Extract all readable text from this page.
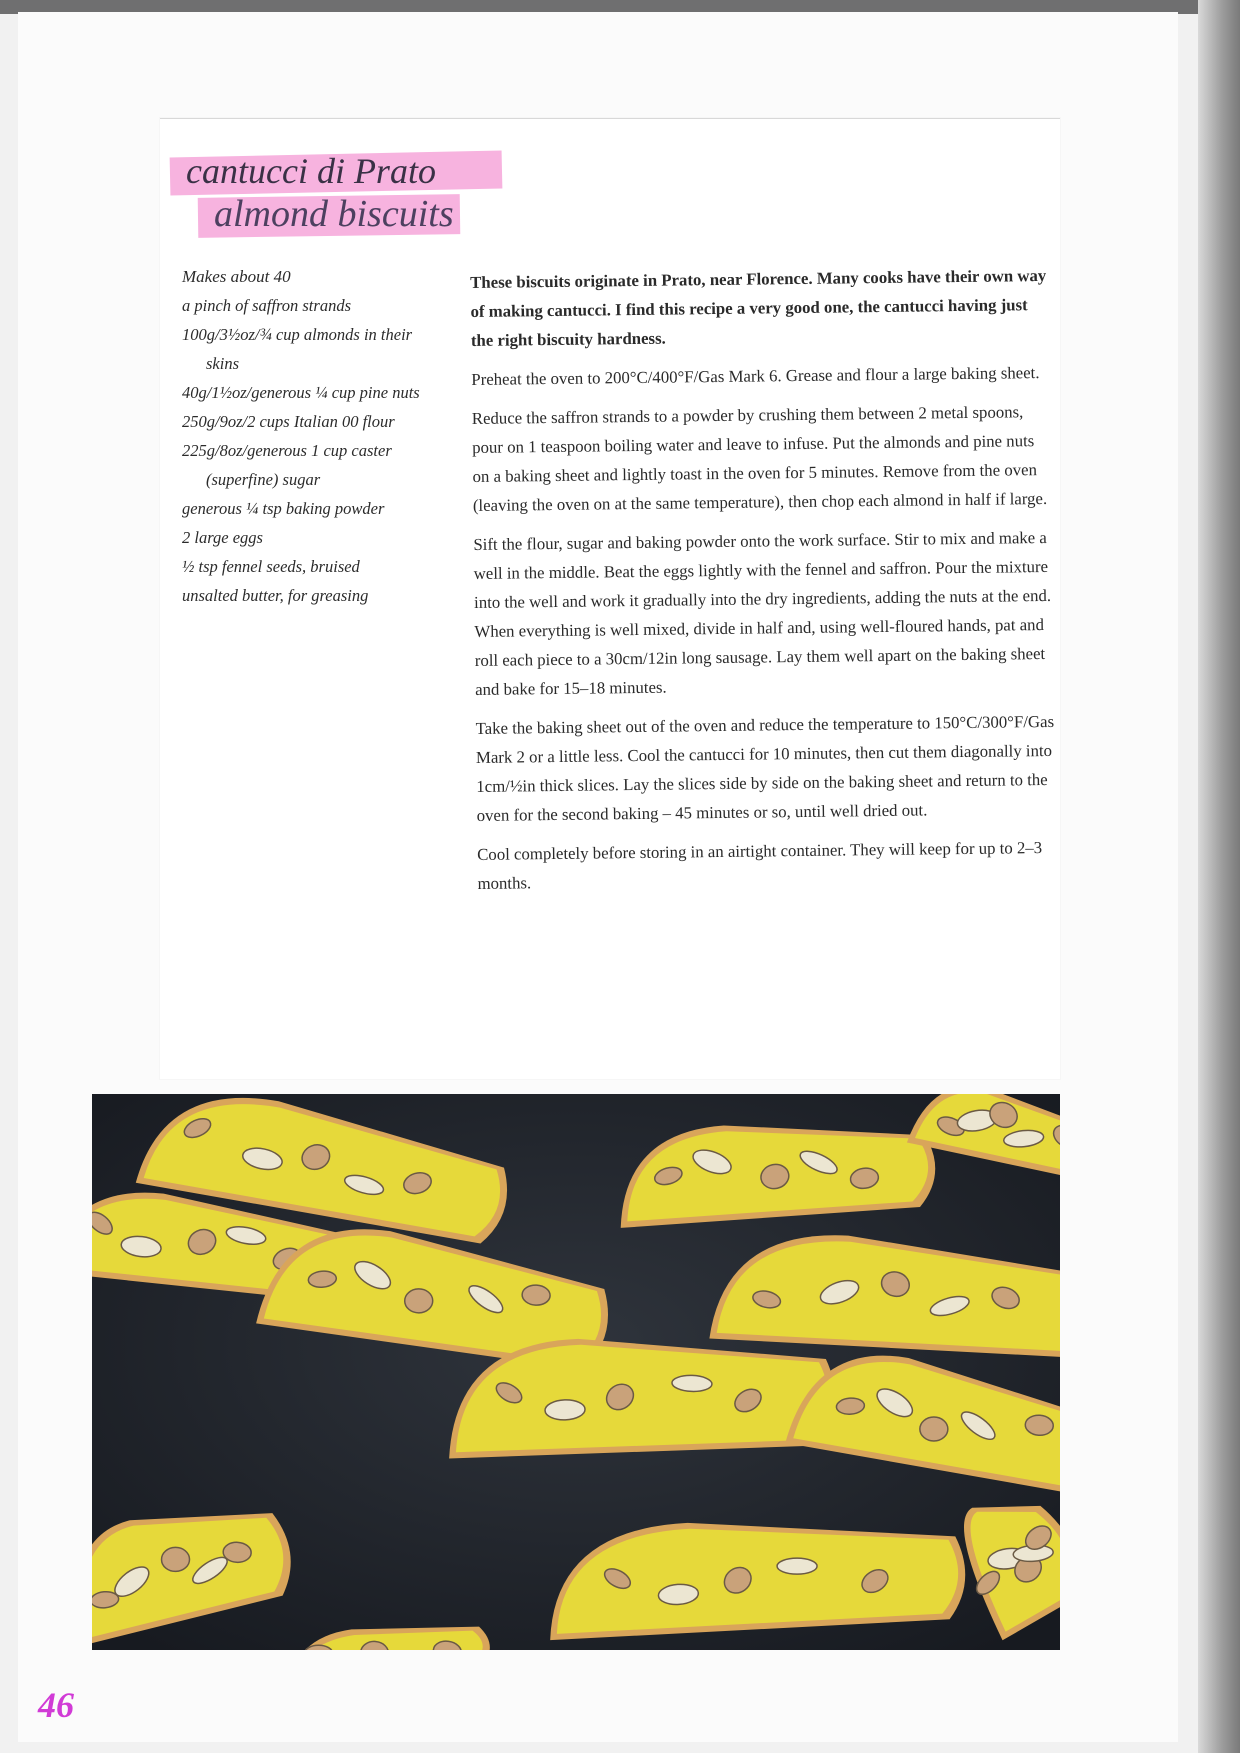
cantucci di Prato
almond biscuits
Makes about 40
a pinch of saffron strands
100g/3½oz/¾ cup almonds in their
skins
40g/1½oz/generous ¼ cup pine nuts
250g/9oz/2 cups Italian 00 flour
225g/8oz/generous 1 cup caster
(superfine) sugar
generous ¼ tsp baking powder
2 large eggs
½ tsp fennel seeds, bruised
unsalted butter, for greasing

These biscuits originate in Prato, near Florence. Many cooks have their own way of making cantucci. I find this recipe a very good one, the cantucci having just the right biscuity hardness.

Preheat the oven to 200°C/400°F/Gas Mark 6. Grease and flour a large baking sheet.

Reduce the saffron strands to a powder by crushing them between 2 metal spoons, pour on 1 teaspoon boiling water and leave to infuse. Put the almonds and pine nuts on a baking sheet and lightly toast in the oven for 5 minutes. Remove from the oven (leaving the oven on at the same temperature), then chop each almond in half if large.

Sift the flour, sugar and baking powder onto the work surface. Stir to mix and make a well in the middle. Beat the eggs lightly with the fennel and saffron. Pour the mixture into the well and work it gradually into the dry ingredients, adding the nuts at the end. When everything is well mixed, divide in half and, using well-floured hands, pat and roll each piece to a 30cm/12in long sausage. Lay them well apart on the baking sheet and bake for 15–18 minutes.

Take the baking sheet out of the oven and reduce the temperature to 150°C/300°F/Gas Mark 2 or a little less. Cool the cantucci for 10 minutes, then cut them diagonally into 1cm/½in thick slices. Lay the slices side by side on the baking sheet and return to the oven for the second baking – 45 minutes or so, until well dried out.

Cool completely before storing in an airtight container. They will keep for up to 2–3 months.

46
